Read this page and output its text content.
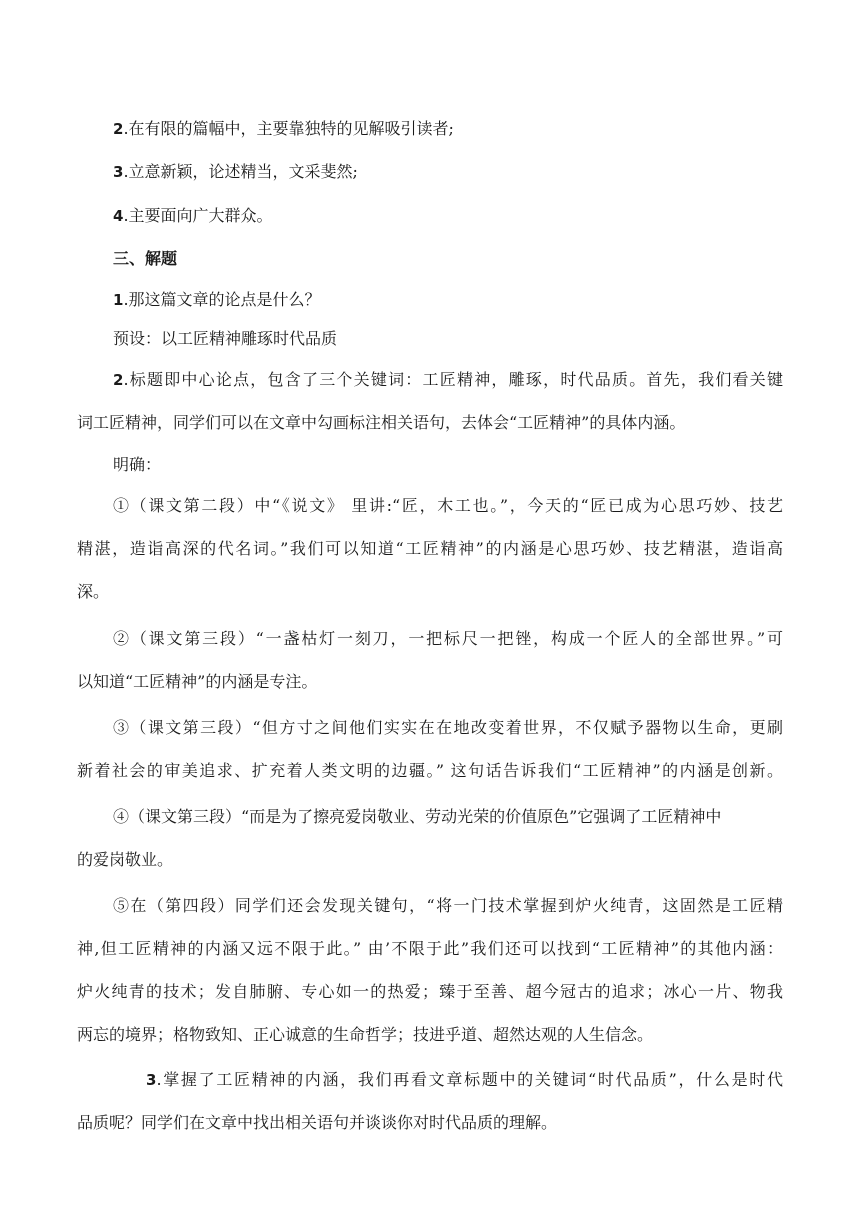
2.在有限的篇幅中，主要靠独特的见解吸引读者;

3.立意新颖，论述精当，文采斐然;

4.主要面向广大群众。

三、解题

1.那这篇文章的论点是什么？

预设：以工匠精神雕琢时代品质

2.标题即中心论点，包含了三个关键词：工匠精神，雕琢，时代品质。首先，我们看关键

词工匠精神，同学们可以在文章中勾画标注相关语句，去体会“工匠精神”的具体内涵。

明确：

①（课文第二段）中“《说文》 里讲:“匠，木工也。”，今天的“匠已成为心思巧妙、技艺

精湛，造诣高深的代名词。”我们可以知道“工匠精神”的内涵是心思巧妙、技艺精湛，造诣高

深。

②（课文第三段）“一盏枯灯一刻刀，一把标尺一把锉，构成一个匠人的全部世界。”可

以知道“工匠精神”的内涵是专注。

③（课文第三段）“但方寸之间他们实实在在地改变着世界，不仅赋予器物以生命，更刷

新着社会的审美追求、扩充着人类文明的边疆。” 这句话告诉我们“工匠精神”的内涵是创新。

④（课文第三段）“而是为了擦亮爱岗敬业、劳动光荣的价值原色”它强调了工匠精神中

的爱岗敬业。

⑤在（第四段）同学们还会发现关键句，“将一门技术掌握到炉火纯青，这固然是工匠精

神,但工匠精神的内涵又远不限于此。” 由’不限于此”我们还可以找到“工匠精神”的其他内涵：

炉火纯青的技术；发自肺腑、专心如一的热爱；臻于至善、超今冠古的追求；冰心一片、物我

两忘的境界；格物致知、正心诚意的生命哲学；技进乎道、超然达观的人生信念。

3.掌握了工匠精神的内涵，我们再看文章标题中的关键词“时代品质”，什么是时代

品质呢？同学们在文章中找出相关语句并谈谈你对时代品质的理解。
